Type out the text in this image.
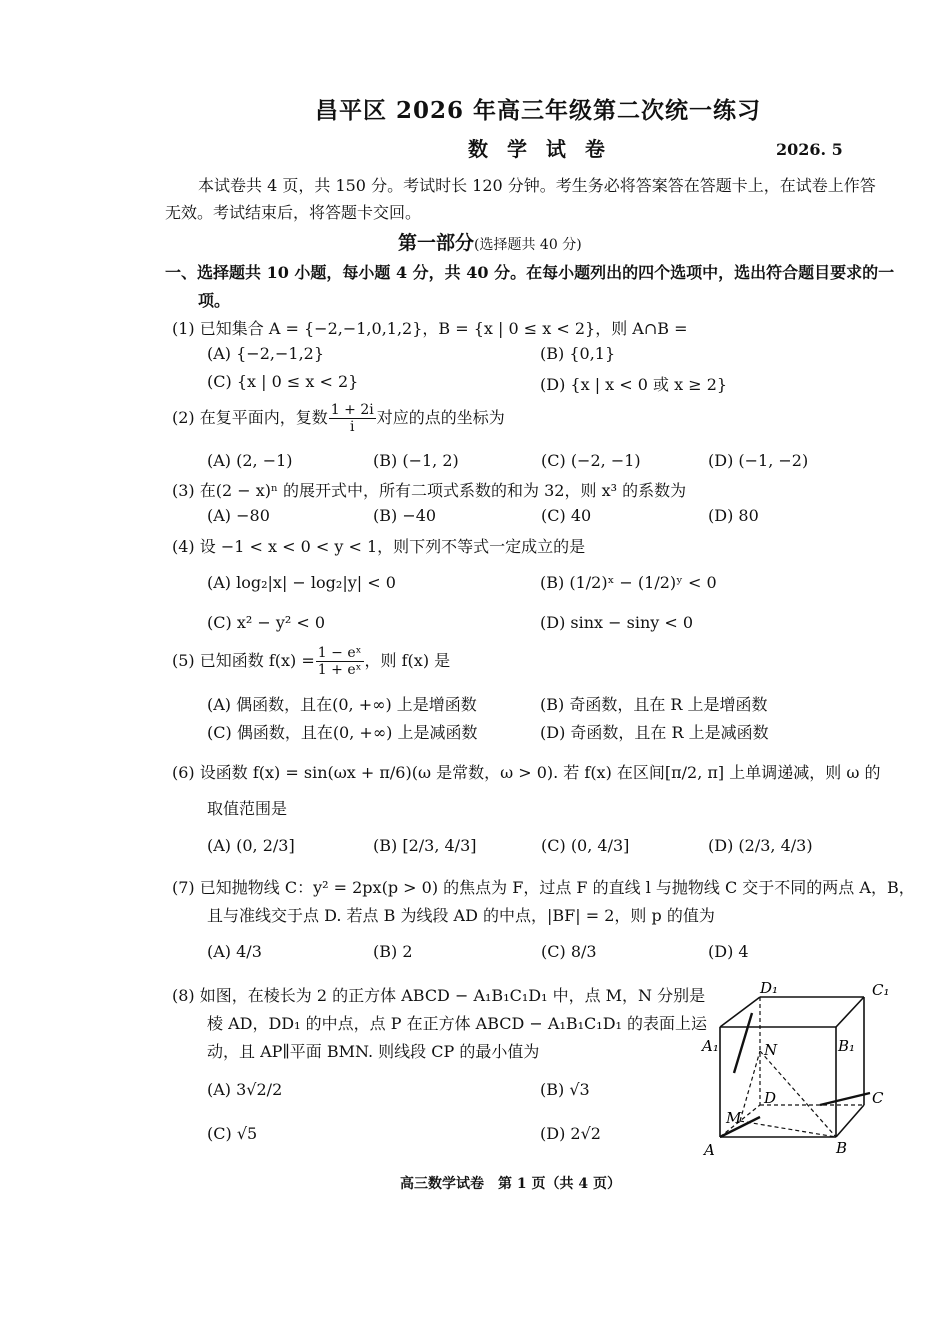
昌平区 2026 年高三年级第二次统一练习
数 学 试 卷	2026. 5
本试卷共 4 页，共 150 分。考试时长 120 分钟。考生务必将答案答在答题卡上，在试卷上作答
无效。考试结束后，将答题卡交回。
第一部分(选择题共 40 分)
一、选择题共 10 小题，每小题 4 分，共 40 分。在每小题列出的四个选项中，选出符合题目要求的一
项。
(1) 已知集合 A = {−2,−1,0,1,2}，B = {x | 0 ≤ x < 2}，则 A∩B =
(A) {−2,−1,2}	(B) {0,1}
(C) {x | 0 ≤ x < 2}	(D) {x | x < 0 或 x ≥ 2}
(2) 在复平面内，复数 $\frac{1 + 2i}{i}$ 对应的点的坐标为
(A) (2, −1)	(B) (−1, 2)	(C) (−2, −1)	(D) (−1, −2)
(3) 在(2 − x)ⁿ 的展开式中，所有二项式系数的和为 32，则 x³ 的系数为
(A) −80	(B) −40	(C) 40	(D) 80
(4) 设 −1 < x < 0 < y < 1，则下列不等式一定成立的是
(A) log₂|x| − log₂|y| < 0	(B) (1/2)ˣ − (1/2)ʸ < 0
(C) x² − y² < 0	(D) sinx − siny < 0
(5) 已知函数 $f(x) = \frac{\text{1 − eˣ}}{\text{1 + eˣ}}$ ，则 f(x) 是
(A) 偶函数，且在(0, +∞) 上是增函数	(B) 奇函数，且在 R 上是增函数
(C) 偶函数，且在(0, +∞) 上是减函数	(D) 奇函数，且在 R 上是减函数
(6) 设函数 f(x) = sin(ωx + π/6)(ω 是常数，ω > 0). 若 f(x) 在区间[π/2, π] 上单调递减，则 ω 的
取值范围是
(A) (0, 2/3]	(B) [2/3, 4/3]	(C) (0, 4/3]	(D) (2/3, 4/3)
(7) 已知抛物线 C：y² = 2px(p > 0) 的焦点为 F，过点 F 的直线 l 与抛物线 C 交于不同的两点 A，B，
且与准线交于点 D. 若点 B 为线段 AD 的中点，|BF| = 2，则 p 的值为
(A) 4/3	(B) 2	(C) 8/3	(D) 4
(8) 如图，在棱长为 2 的正方体 ABCD − A₁B₁C₁D₁ 中，点 M，N 分别是
棱 AD，DD₁ 的中点，点 P 在正方体 ABCD − A₁B₁C₁D₁ 的表面上运
动，且 AP∥平面 BMN. 则线段 CP 的最小值为
(A) 3√2/2	(B) √3
(C) √5	(D) 2√2
D₁	C₁
A₁	B₁
N
D	C
M
A	B
高三数学试卷　第 1 页（共 4 页）
